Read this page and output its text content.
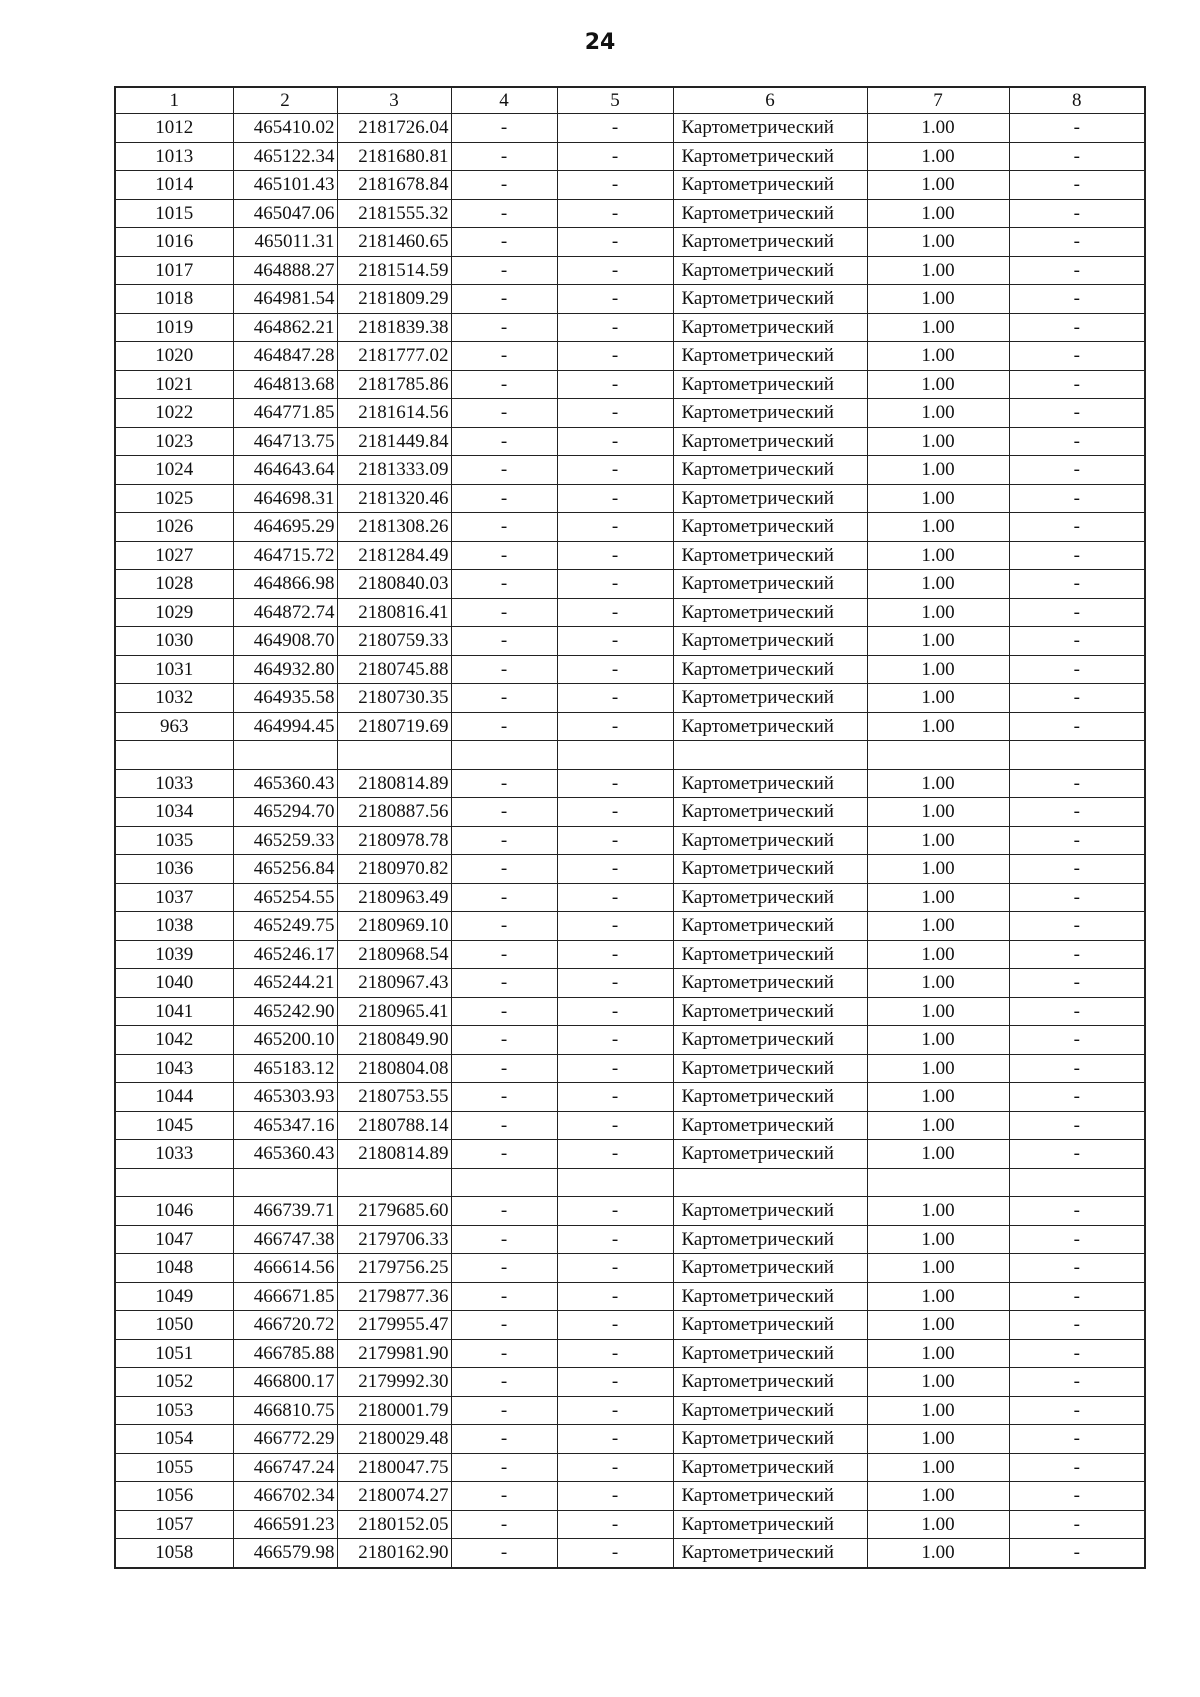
24
1	2	3	4	5	6	7	8
1012	465410.02	2181726.04	-	-	Картометрический	1.00	-
1013	465122.34	2181680.81	-	-	Картометрический	1.00	-
1014	465101.43	2181678.84	-	-	Картометрический	1.00	-
1015	465047.06	2181555.32	-	-	Картометрический	1.00	-
1016	465011.31	2181460.65	-	-	Картометрический	1.00	-
1017	464888.27	2181514.59	-	-	Картометрический	1.00	-
1018	464981.54	2181809.29	-	-	Картометрический	1.00	-
1019	464862.21	2181839.38	-	-	Картометрический	1.00	-
1020	464847.28	2181777.02	-	-	Картометрический	1.00	-
1021	464813.68	2181785.86	-	-	Картометрический	1.00	-
1022	464771.85	2181614.56	-	-	Картометрический	1.00	-
1023	464713.75	2181449.84	-	-	Картометрический	1.00	-
1024	464643.64	2181333.09	-	-	Картометрический	1.00	-
1025	464698.31	2181320.46	-	-	Картометрический	1.00	-
1026	464695.29	2181308.26	-	-	Картометрический	1.00	-
1027	464715.72	2181284.49	-	-	Картометрический	1.00	-
1028	464866.98	2180840.03	-	-	Картометрический	1.00	-
1029	464872.74	2180816.41	-	-	Картометрический	1.00	-
1030	464908.70	2180759.33	-	-	Картометрический	1.00	-
1031	464932.80	2180745.88	-	-	Картометрический	1.00	-
1032	464935.58	2180730.35	-	-	Картометрический	1.00	-
963	464994.45	2180719.69	-	-	Картометрический	1.00	-

1033	465360.43	2180814.89	-	-	Картометрический	1.00	-
1034	465294.70	2180887.56	-	-	Картометрический	1.00	-
1035	465259.33	2180978.78	-	-	Картометрический	1.00	-
1036	465256.84	2180970.82	-	-	Картометрический	1.00	-
1037	465254.55	2180963.49	-	-	Картометрический	1.00	-
1038	465249.75	2180969.10	-	-	Картометрический	1.00	-
1039	465246.17	2180968.54	-	-	Картометрический	1.00	-
1040	465244.21	2180967.43	-	-	Картометрический	1.00	-
1041	465242.90	2180965.41	-	-	Картометрический	1.00	-
1042	465200.10	2180849.90	-	-	Картометрический	1.00	-
1043	465183.12	2180804.08	-	-	Картометрический	1.00	-
1044	465303.93	2180753.55	-	-	Картометрический	1.00	-
1045	465347.16	2180788.14	-	-	Картометрический	1.00	-
1033	465360.43	2180814.89	-	-	Картометрический	1.00	-

1046	466739.71	2179685.60	-	-	Картометрический	1.00	-
1047	466747.38	2179706.33	-	-	Картометрический	1.00	-
1048	466614.56	2179756.25	-	-	Картометрический	1.00	-
1049	466671.85	2179877.36	-	-	Картометрический	1.00	-
1050	466720.72	2179955.47	-	-	Картометрический	1.00	-
1051	466785.88	2179981.90	-	-	Картометрический	1.00	-
1052	466800.17	2179992.30	-	-	Картометрический	1.00	-
1053	466810.75	2180001.79	-	-	Картометрический	1.00	-
1054	466772.29	2180029.48	-	-	Картометрический	1.00	-
1055	466747.24	2180047.75	-	-	Картометрический	1.00	-
1056	466702.34	2180074.27	-	-	Картометрический	1.00	-
1057	466591.23	2180152.05	-	-	Картометрический	1.00	-
1058	466579.98	2180162.90	-	-	Картометрический	1.00	-
